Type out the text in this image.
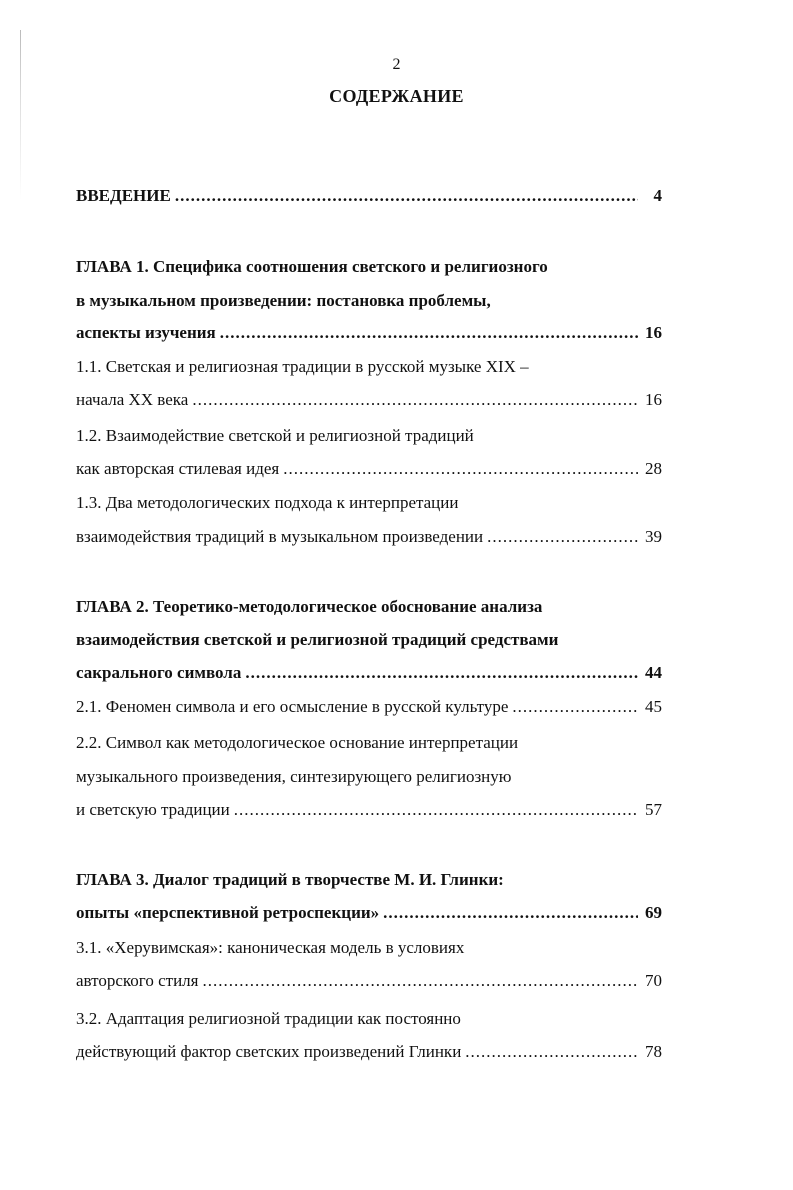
2
СОДЕРЖАНИЕ
ВВЕДЕНИЕ .....	4
ГЛАВА 1. Специфика соотношения светского и религиозного
в музыкальном произведении: постановка проблемы,
аспекты изучения .....	16
1.1. Светская и религиозная традиции в русской музыке XIX –
начала XX века .....	16
1.2. Взаимодействие светской и религиозной традиций
как авторская стилевая идея .....	28
1.3. Два методологических подхода к интерпретации
взаимодействия традиций в музыкальном произведении .....	39
ГЛАВА 2. Теоретико-методологическое обоснование анализа
взаимодействия светской и религиозной традиций средствами
сакрального символа .....	44
2.1. Феномен символа и его осмысление в русской культуре .....	45
2.2. Символ как методологическое основание интерпретации
музыкального произведения, синтезирующего религиозную
и светскую традиции .....	57
ГЛАВА 3. Диалог традиций в творчестве М. И. Глинки:
опыты «перспективной ретроспекции» .....	69
3.1. «Херувимская»: каноническая модель в условиях
авторского стиля .....	70
3.2. Адаптация религиозной традиции как постоянно
действующий фактор светских произведений Глинки .....	78
